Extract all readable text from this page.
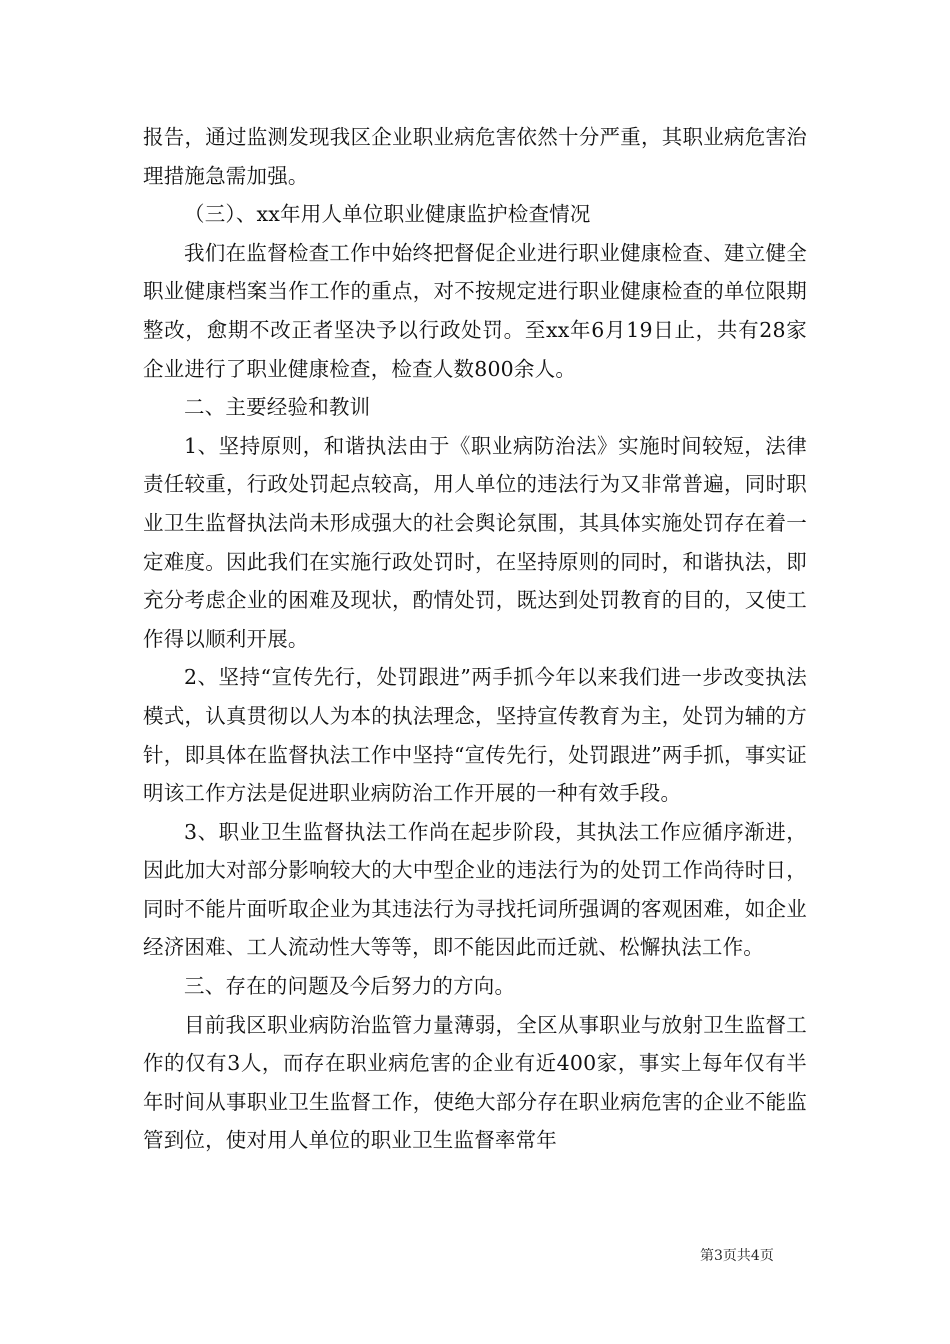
报告，通过监测发现我区企业职业病危害依然十分严重，其职业病危害治理措施急需加强。

（三）、xx年用人单位职业健康监护检查情况

我们在监督检查工作中始终把督促企业进行职业健康检查、建立健全职业健康档案当作工作的重点，对不按规定进行职业健康检查的单位限期整改，愈期不改正者坚决予以行政处罚。至xx年6月19日止，共有28家企业进行了职业健康检查，检查人数800余人。

二、主要经验和教训

1、坚持原则，和谐执法由于《职业病防治法》实施时间较短，法律责任较重，行政处罚起点较高，用人单位的违法行为又非常普遍，同时职业卫生监督执法尚未形成强大的社会舆论氛围，其具体实施处罚存在着一定难度。因此我们在实施行政处罚时，在坚持原则的同时，和谐执法，即充分考虑企业的困难及现状，酌情处罚，既达到处罚教育的目的，又使工作得以顺利开展。

2、坚持“宣传先行，处罚跟进”两手抓今年以来我们进一步改变执法模式，认真贯彻以人为本的执法理念，坚持宣传教育为主，处罚为辅的方针，即具体在监督执法工作中坚持“宣传先行，处罚跟进”两手抓，事实证明该工作方法是促进职业病防治工作开展的一种有效手段。

3、职业卫生监督执法工作尚在起步阶段，其执法工作应循序渐进，因此加大对部分影响较大的大中型企业的违法行为的处罚工作尚待时日，同时不能片面听取企业为其违法行为寻找托词所强调的客观困难，如企业经济困难、工人流动性大等等，即不能因此而迁就、松懈执法工作。

三、存在的问题及今后努力的方向。

目前我区职业病防治监管力量薄弱，全区从事职业与放射卫生监督工作的仅有3人，而存在职业病危害的企业有近400家，事实上每年仅有半年时间从事职业卫生监督工作，使绝大部分存在职业病危害的企业不能监管到位，使对用人单位的职业卫生监督率常年

第3页共4页
